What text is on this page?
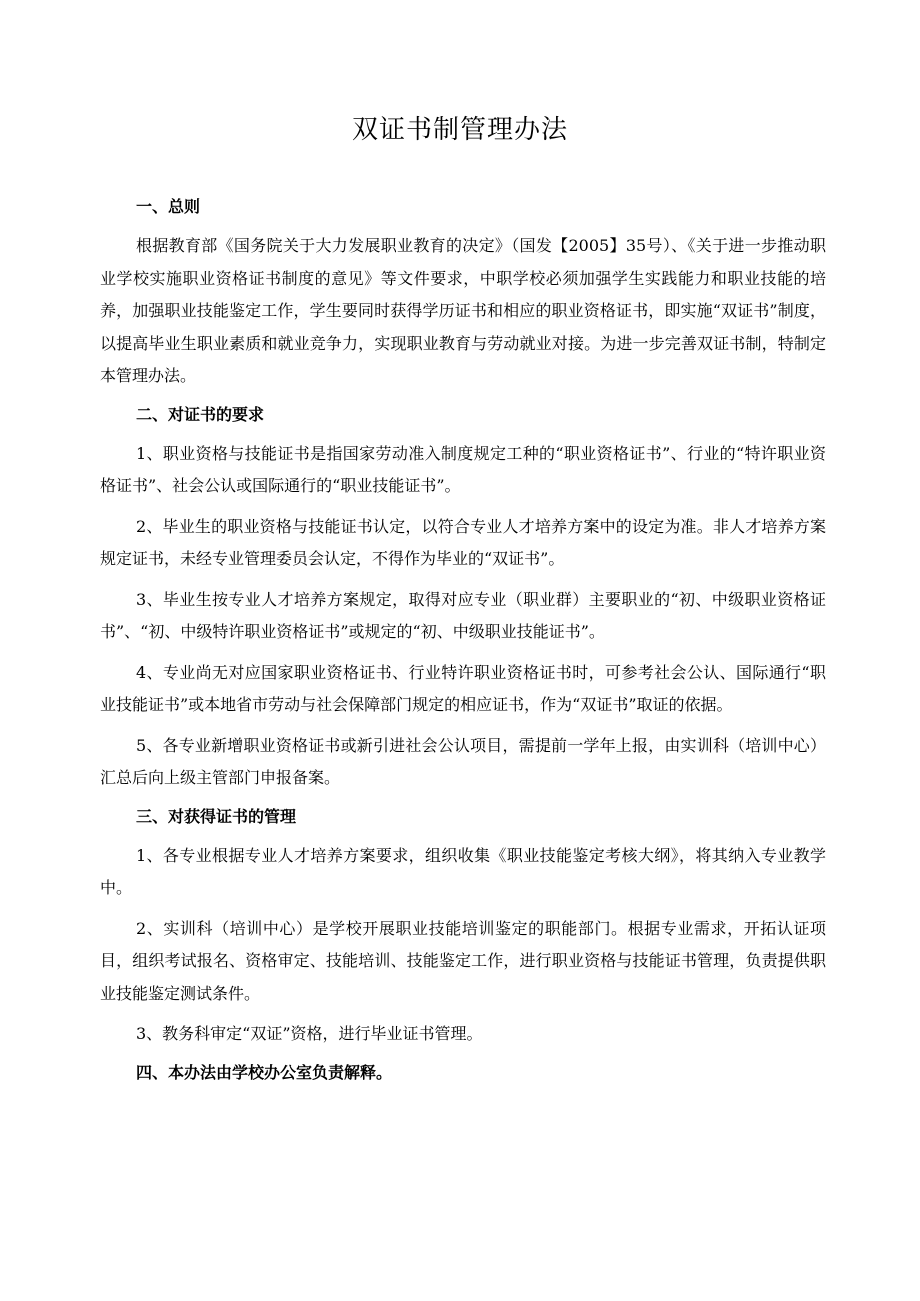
双证书制管理办法

一、总则

根据教育部《国务院关于大力发展职业教育的决定》（国发【2005】35号）、《关于进一步推动职业学校实施职业资格证书制度的意见》等文件要求，中职学校必须加强学生实践能力和职业技能的培养，加强职业技能鉴定工作，学生要同时获得学历证书和相应的职业资格证书，即实施“双证书”制度，以提高毕业生职业素质和就业竞争力，实现职业教育与劳动就业对接。为进一步完善双证书制，特制定本管理办法。

二、对证书的要求

1、职业资格与技能证书是指国家劳动准入制度规定工种的“职业资格证书”、行业的“特许职业资格证书”、社会公认或国际通行的“职业技能证书”。

2、毕业生的职业资格与技能证书认定，以符合专业人才培养方案中的设定为准。非人才培养方案规定证书，未经专业管理委员会认定，不得作为毕业的“双证书”。

3、毕业生按专业人才培养方案规定，取得对应专业（职业群）主要职业的“初、中级职业资格证书”、“初、中级特许职业资格证书”或规定的“初、中级职业技能证书”。

4、专业尚无对应国家职业资格证书、行业特许职业资格证书时，可参考社会公认、国际通行“职业技能证书”或本地省市劳动与社会保障部门规定的相应证书，作为“双证书”取证的依据。

5、各专业新增职业资格证书或新引进社会公认项目，需提前一学年上报，由实训科（培训中心）汇总后向上级主管部门申报备案。

三、对获得证书的管理

1、各专业根据专业人才培养方案要求，组织收集《职业技能鉴定考核大纲》，将其纳入专业教学中。

2、实训科（培训中心）是学校开展职业技能培训鉴定的职能部门。根据专业需求，开拓认证项目，组织考试报名、资格审定、技能培训、技能鉴定工作，进行职业资格与技能证书管理，负责提供职业技能鉴定测试条件。

3、教务科审定“双证”资格，进行毕业证书管理。

四、本办法由学校办公室负责解释。
